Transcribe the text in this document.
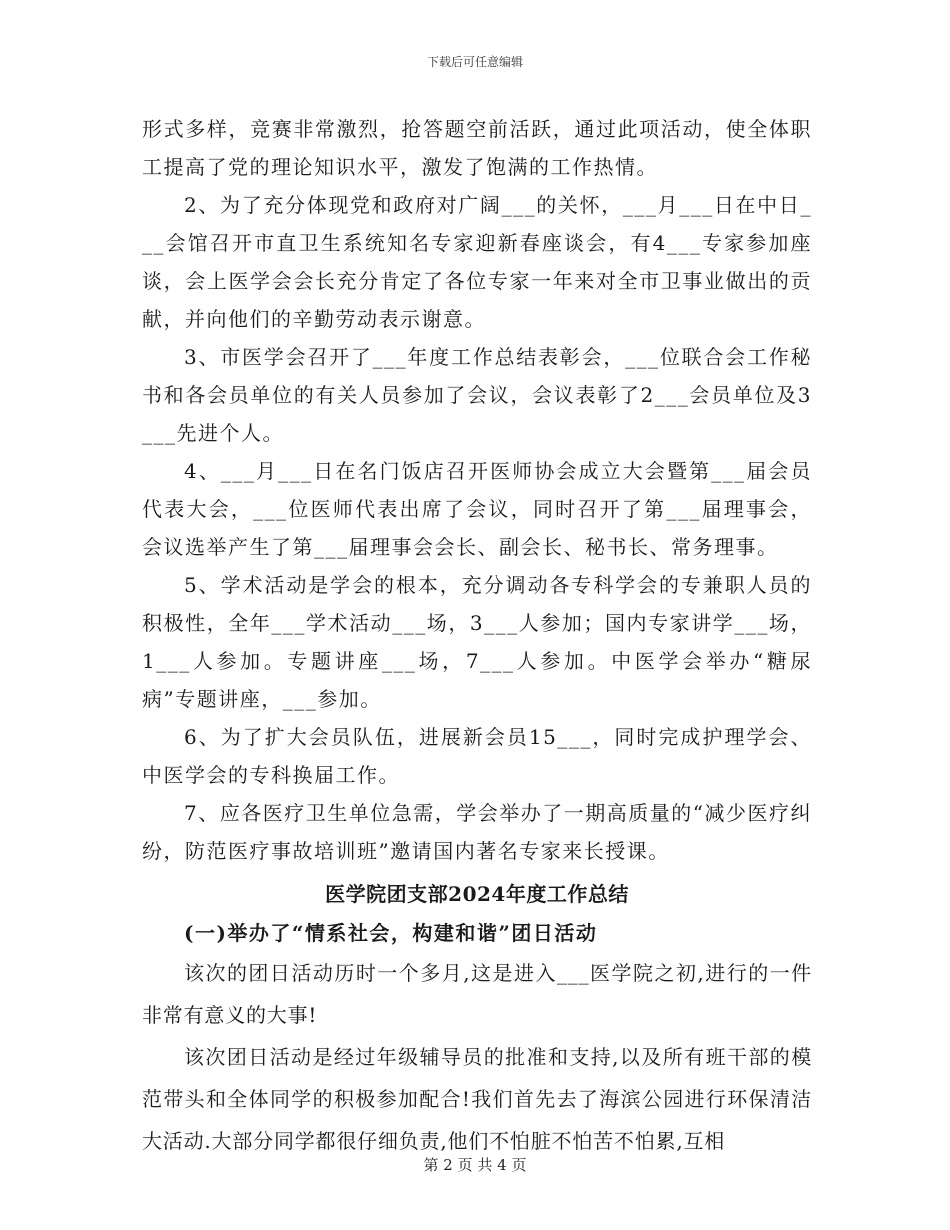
下载后可任意编辑

形式多样，竞赛非常激烈，抢答题空前活跃，通过此项活动，使全体职工提高了党的理论知识水平，激发了饱满的工作热情。

2、为了充分体现党和政府对广阔___的关怀，___月___日在中日___会馆召开市直卫生系统知名专家迎新春座谈会，有4___专家参加座谈，会上医学会会长充分肯定了各位专家一年来对全市卫事业做出的贡献，并向他们的辛勤劳动表示谢意。

3、市医学会召开了___年度工作总结表彰会，___位联合会工作秘书和各会员单位的有关人员参加了会议，会议表彰了2___会员单位及3___先进个人。

4、___月___日在名门饭店召开医师协会成立大会暨第___届会员代表大会，___位医师代表出席了会议，同时召开了第___届理事会，会议选举产生了第___届理事会会长、副会长、秘书长、常务理事。

5、学术活动是学会的根本，充分调动各专科学会的专兼职人员的积极性，全年___学术活动___场，3___人参加；国内专家讲学___场，1___人参加。专题讲座___场，7___人参加。中医学会举办“糖尿病”专题讲座，___参加。

6、为了扩大会员队伍，进展新会员15___，同时完成护理学会、中医学会的专科换届工作。

7、应各医疗卫生单位急需，学会举办了一期高质量的“减少医疗纠纷，防范医疗事故培训班”邀请国内著名专家来长授课。

医学院团支部2024年度工作总结
(一)举办了“情系社会，构建和谐”团日活动

该次的团日活动历时一个多月,这是进入___医学院之初,进行的一件非常有意义的大事!

该次团日活动是经过年级辅导员的批准和支持,以及所有班干部的模范带头和全体同学的积极参加配合!我们首先去了海滨公园进行环保清洁大活动.大部分同学都很仔细负责,他们不怕脏不怕苦不怕累,互相

第 2 页 共 4 页
